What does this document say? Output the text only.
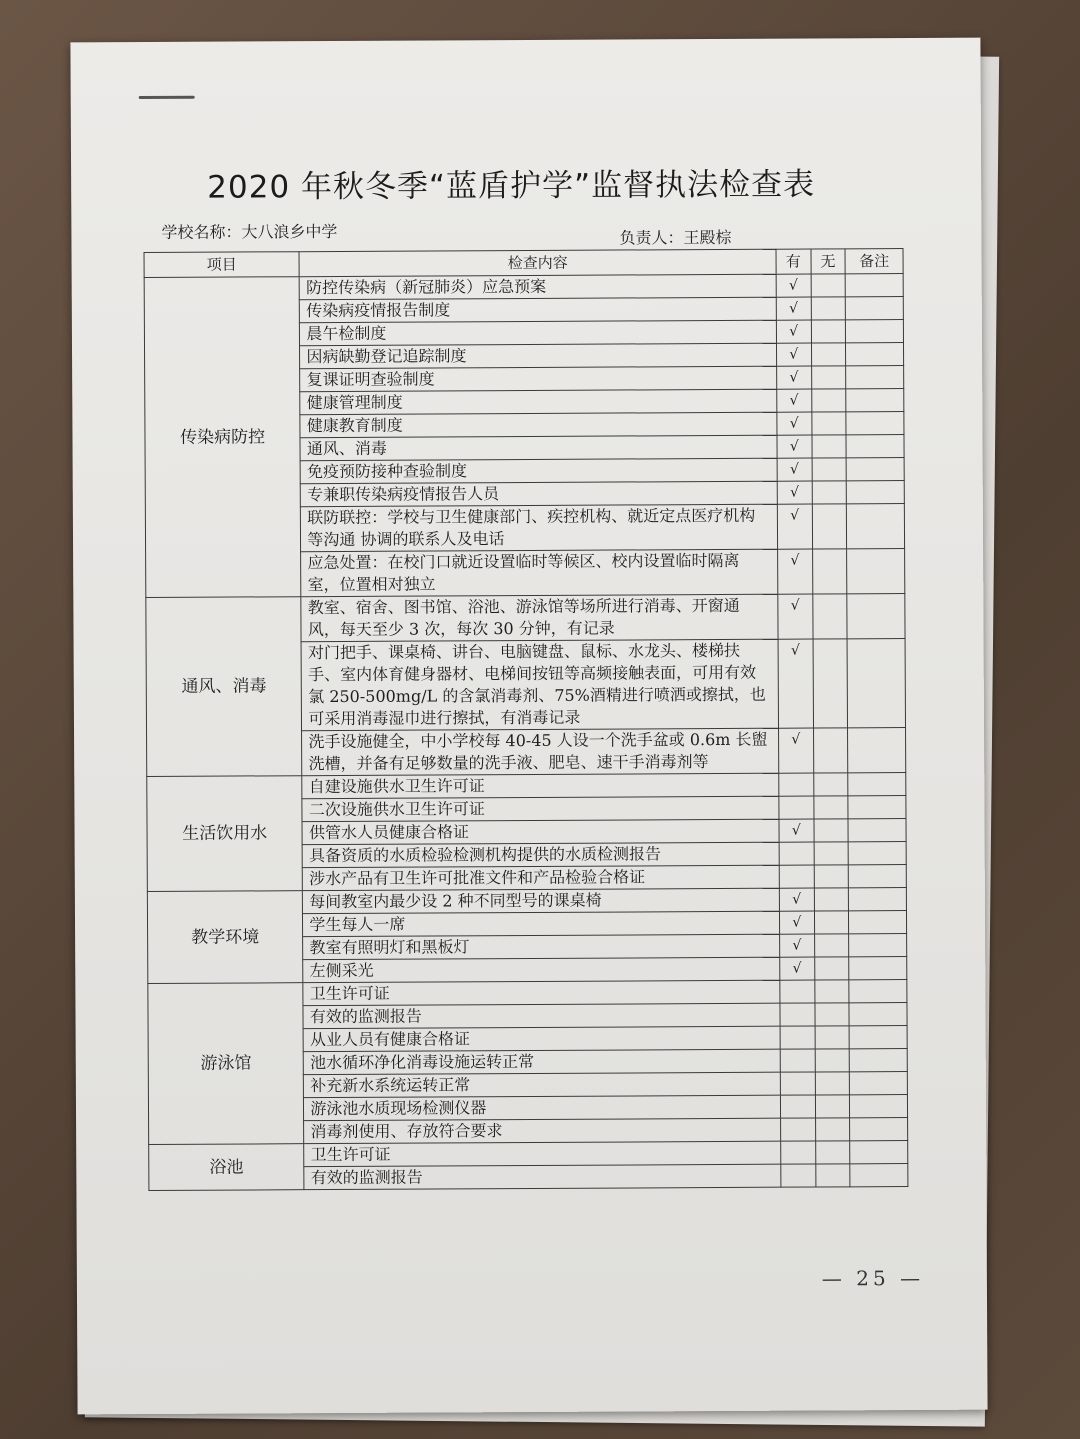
2020 年秋冬季“蓝盾护学”监督执法检查表
学校名称：大八浪乡中学	负责人：王殿棕
项目	检查内容	有	无	备注
传染病防控	防控传染病（新冠肺炎）应急预案	√		
	传染病疫情报告制度	√		
	晨午检制度	√		
	因病缺勤登记追踪制度	√		
	复课证明查验制度	√		
	健康管理制度	√		
	健康教育制度	√		
	通风、消毒	√		
	免疫预防接种查验制度	√		
	专兼职传染病疫情报告人员	√		
	联防联控：学校与卫生健康部门、疾控机构、就近定点医疗机构等沟通 协调的联系人及电话	√		
	应急处置：在校门口就近设置临时等候区、校内设置临时隔离室，位置相对独立	√		
通风、消毒	教室、宿舍、图书馆、浴池、游泳馆等场所进行消毒、开窗通风，每天至少 3 次，每次 30 分钟，有记录	√		
	对门把手、课桌椅、讲台、电脑键盘、鼠标、水龙头、楼梯扶手、室内体育健身器材、电梯间按钮等高频接触表面，可用有效氯 250-500mg/L 的含氯消毒剂、75%酒精进行喷洒或擦拭，也可采用消毒湿巾进行擦拭，有消毒记录	√		
	洗手设施健全，中小学校每 40-45 人设一个洗手盆或 0.6m 长盥洗槽，并备有足够数量的洗手液、肥皂、速干手消毒剂等	√		
生活饮用水	自建设施供水卫生许可证			
	二次设施供水卫生许可证			
	供管水人员健康合格证	√		
	具备资质的水质检验检测机构提供的水质检测报告			
	涉水产品有卫生许可批准文件和产品检验合格证			
教学环境	每间教室内最少设 2 种不同型号的课桌椅	√		
	学生每人一席	√		
	教室有照明灯和黑板灯	√		
	左侧采光	√		
游泳馆	卫生许可证			
	有效的监测报告			
	从业人员有健康合格证			
	池水循环净化消毒设施运转正常			
	补充新水系统运转正常			
	游泳池水质现场检测仪器			
	消毒剂使用、存放符合要求			
浴池	卫生许可证			
	有效的监测报告			
— 25 —
